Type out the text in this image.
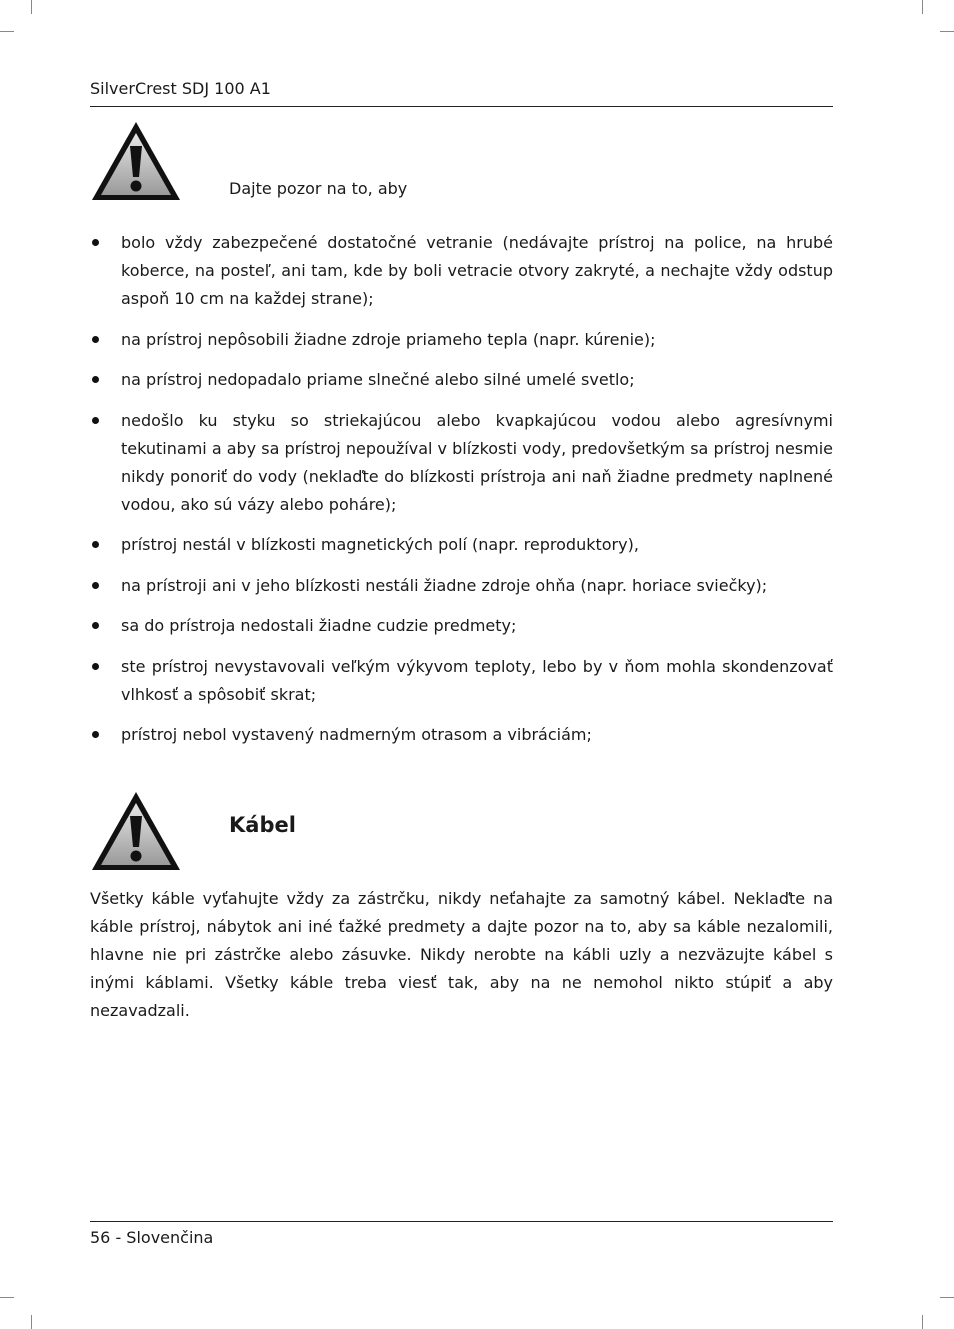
SilverCrest SDJ 100 A1
Dajte pozor na to, aby
bolo vždy zabezpečené dostatočné vetranie (nedávajte prístroj na police, na hrubé koberce, na posteľ, ani tam, kde by boli vetracie otvory zakryté, a nechajte vždy odstup aspoň 10 cm na každej strane);
na prístroj nepôsobili žiadne zdroje priameho tepla (napr. kúrenie);
na prístroj nedopadalo priame slnečné alebo silné umelé svetlo;
nedošlo ku styku so striekajúcou alebo kvapkajúcou vodou alebo agresívnymi tekutinami a aby sa prístroj nepoužíval v blízkosti vody, predovšetkým sa prístroj nesmie nikdy ponoriť do vody (neklaďte do blízkosti prístroja ani naň žiadne predmety naplnené vodou, ako sú vázy alebo poháre);
prístroj nestál v blízkosti magnetických polí (napr. reproduktory),
na prístroji ani v jeho blízkosti nestáli žiadne zdroje ohňa (napr. horiace sviečky);
sa do prístroja nedostali žiadne cudzie predmety;
ste prístroj nevystavovali veľkým výkyvom teploty, lebo by v ňom mohla skondenzovať vlhkosť a spôsobiť skrat;
prístroj nebol vystavený nadmerným otrasom a vibráciám;
Kábel
Všetky káble vyťahujte vždy za zástrčku, nikdy neťahajte za samotný kábel. Neklaďte na káble prístroj, nábytok ani iné ťažké predmety a dajte pozor na to, aby sa káble nezalomili, hlavne nie pri zástrčke alebo zásuvke. Nikdy nerobte na kábli uzly a nezväzujte kábel s inými káblami. Všetky káble treba viesť tak, aby na ne nemohol nikto stúpiť a aby nezavadzali.
56 - Slovenčina
